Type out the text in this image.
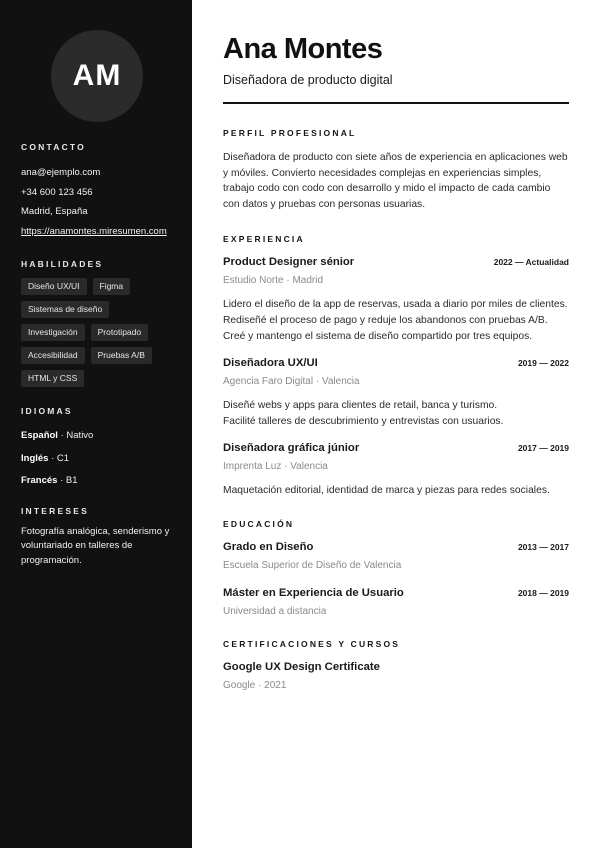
AM
CONTACTO
ana@ejemplo.com
+34 600 123 456
Madrid, España
https://anamontes.miresumen.com
HABILIDADES
Diseño UX/UI	Figma
Sistemas de diseño
Investigación	Prototipado
Accesibilidad	Pruebas A/B
HTML y CSS
IDIOMAS
Español · Nativo
Inglés · C1
Francés · B1
INTERESES
Fotografía analógica, senderismo y voluntariado en talleres de programación.
Ana Montes
Diseñadora de producto digital
PERFIL PROFESIONAL
Diseñadora de producto con siete años de experiencia en aplicaciones web y móviles. Convierto necesidades complejas en experiencias simples, trabajo codo con codo con desarrollo y mido el impacto de cada cambio con datos y pruebas con personas usuarias.
EXPERIENCIA
Product Designer sénior	2022 — Actualidad
Estudio Norte · Madrid
Lidero el diseño de la app de reservas, usada a diario por miles de clientes.
Rediseñé el proceso de pago y reduje los abandonos con pruebas A/B.
Creé y mantengo el sistema de diseño compartido por tres equipos.
Diseñadora UX/UI	2019 — 2022
Agencia Faro Digital · Valencia
Diseñé webs y apps para clientes de retail, banca y turismo.
Facilité talleres de descubrimiento y entrevistas con usuarios.
Diseñadora gráfica júnior	2017 — 2019
Imprenta Luz · Valencia
Maquetación editorial, identidad de marca y piezas para redes sociales.
EDUCACIÓN
Grado en Diseño	2013 — 2017
Escuela Superior de Diseño de Valencia
Máster en Experiencia de Usuario	2018 — 2019
Universidad a distancia
CERTIFICACIONES Y CURSOS
Google UX Design Certificate
Google · 2021
